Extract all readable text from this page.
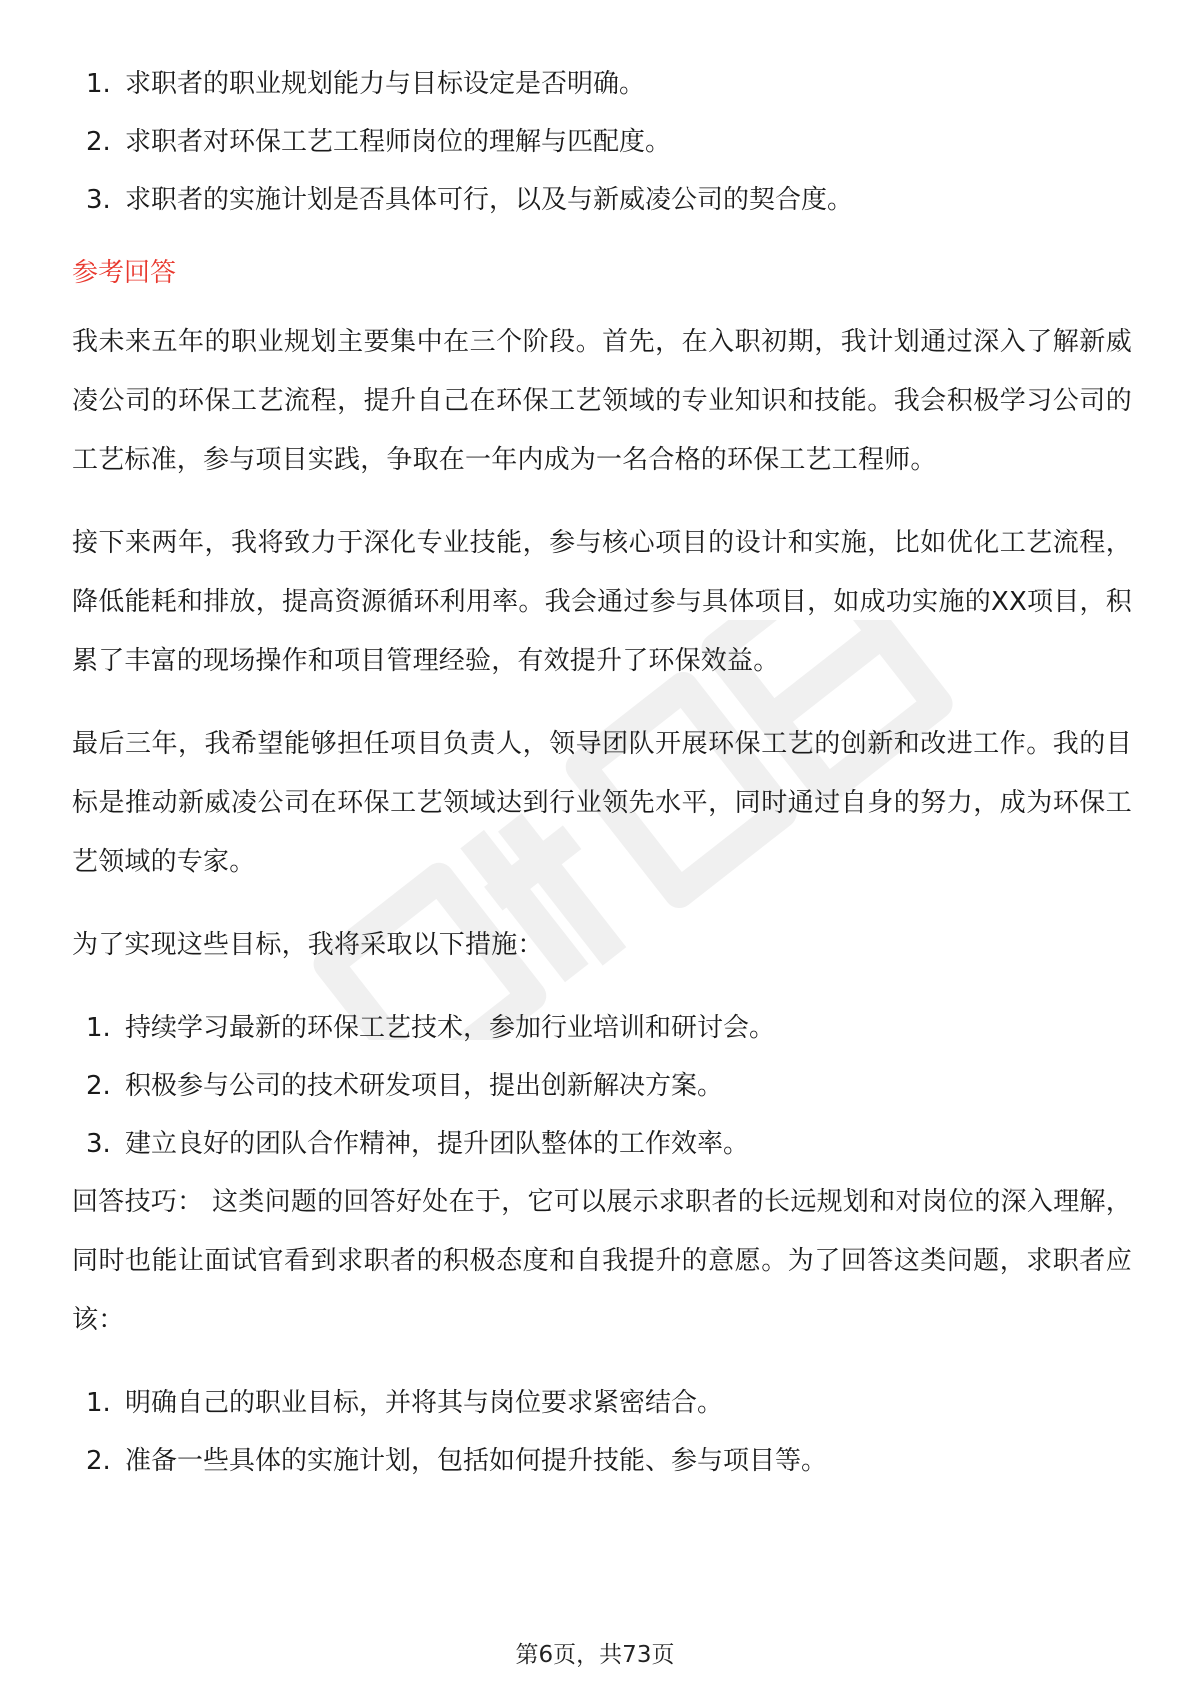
1. 求职者的职业规划能力与目标设定是否明确。
2. 求职者对环保工艺工程师岗位的理解与匹配度。
3. 求职者的实施计划是否具体可行，以及与新威凌公司的契合度。
参考回答

我未来五年的职业规划主要集中在三个阶段。首先，在入职初期，我计划通过深入了解新威凌公司的环保工艺流程，提升自己在环保工艺领域的专业知识和技能。我会积极学习公司的工艺标准，参与项目实践，争取在一年内成为一名合格的环保工艺工程师。

接下来两年，我将致力于深化专业技能，参与核心项目的设计和实施，比如优化工艺流程，降低能耗和排放，提高资源循环利用率。我会通过参与具体项目，如成功实施的XX项目，积累了丰富的现场操作和项目管理经验，有效提升了环保效益。

最后三年，我希望能够担任项目负责人，领导团队开展环保工艺的创新和改进工作。我的目标是推动新威凌公司在环保工艺领域达到行业领先水平，同时通过自身的努力，成为环保工艺领域的专家。

为了实现这些目标，我将采取以下措施：

1. 持续学习最新的环保工艺技术，参加行业培训和研讨会。
2. 积极参与公司的技术研发项目，提出创新解决方案。
3. 建立良好的团队合作精神，提升团队整体的工作效率。

回答技巧： 这类问题的回答好处在于，它可以展示求职者的长远规划和对岗位的深入理解，同时也能让面试官看到求职者的积极态度和自我提升的意愿。为了回答这类问题，求职者应该：

1. 明确自己的职业目标，并将其与岗位要求紧密结合。
2. 准备一些具体的实施计划，包括如何提升技能、参与项目等。
第6页，共73页
